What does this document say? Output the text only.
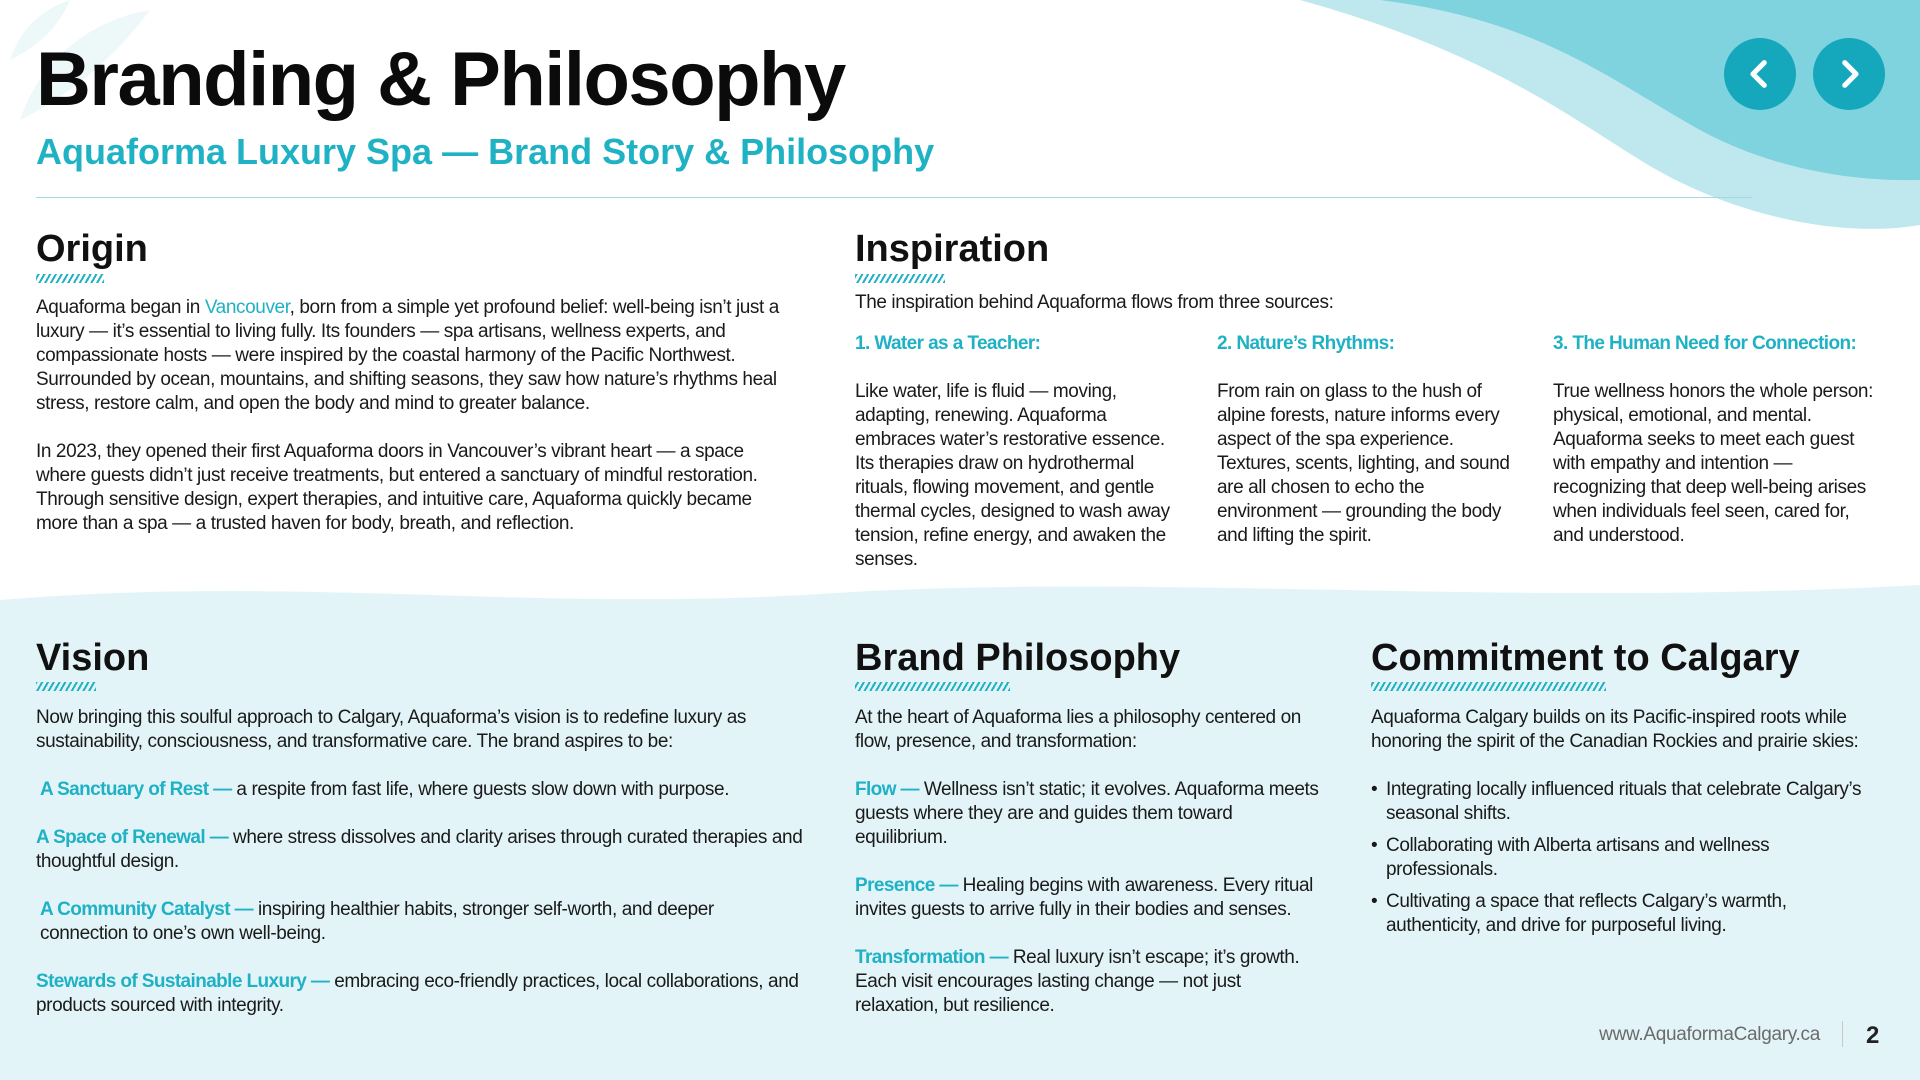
Branding & Philosophy
Aquaforma Luxury Spa — Brand Story & Philosophy
Origin

Aquaforma began in Vancouver, born from a simple yet profound belief: well-being isn’t just a luxury — it’s essential to living fully. Its founders — spa artisans, wellness experts, and compassionate hosts — were inspired by the coastal harmony of the Pacific Northwest. Surrounded by ocean, mountains, and shifting seasons, they saw how nature’s rhythms heal stress, restore calm, and open the body and mind to greater balance.

In 2023, they opened their first Aquaforma doors in Vancouver’s vibrant heart — a space where guests didn’t just receive treatments, but entered a sanctuary of mindful restoration. Through sensitive design, expert therapies, and intuitive care, Aquaforma quickly became more than a spa — a trusted haven for body, breath, and reflection.

Inspiration
The inspiration behind Aquaforma flows from three sources:
1. Water as a Teacher:
Like water, life is fluid — moving, adapting, renewing. Aquaforma embraces water’s restorative essence. Its therapies draw on hydrothermal rituals, flowing movement, and gentle thermal cycles, designed to wash away tension, refine energy, and awaken the senses.
2. Nature’s Rhythms:
From rain on glass to the hush of alpine forests, nature informs every aspect of the spa experience. Textures, scents, lighting, and sound are all chosen to echo the environment — grounding the body and lifting the spirit.
3. The Human Need for Connection:
True wellness honors the whole person: physical, emotional, and mental. Aquaforma seeks to meet each guest with empathy and intention — recognizing that deep well-being arises when individuals feel seen, cared for, and understood.
Vision

Now bringing this soulful approach to Calgary, Aquaforma’s vision is to redefine luxury as sustainability, consciousness, and transformative care. The brand aspires to be:

A Sanctuary of Rest — a respite from fast life, where guests slow down with purpose.

A Space of Renewal — where stress dissolves and clarity arises through curated therapies and thoughtful design.

A Community Catalyst — inspiring healthier habits, stronger self-worth, and deeper connection to one’s own well-being.

Stewards of Sustainable Luxury — embracing eco-friendly practices, local collaborations, and products sourced with integrity.

Brand Philosophy

At the heart of Aquaforma lies a philosophy centered on flow, presence, and transformation:

Flow — Wellness isn’t static; it evolves. Aquaforma meets guests where they are and guides them toward equilibrium.

Presence — Healing begins with awareness. Every ritual invites guests to arrive fully in their bodies and senses.

Transformation — Real luxury isn’t escape; it’s growth. Each visit encourages lasting change — not just relaxation, but resilience.

Commitment to Calgary

Aquaforma Calgary builds on its Pacific-inspired roots while honoring the spirit of the Canadian Rockies and prairie skies:

• Integrating locally influenced rituals that celebrate Calgary’s seasonal shifts.
• Collaborating with Alberta artisans and wellness professionals.
• Cultivating a space that reflects Calgary’s warmth, authenticity, and drive for purposeful living.
www.AquaformaCalgary.ca 2
